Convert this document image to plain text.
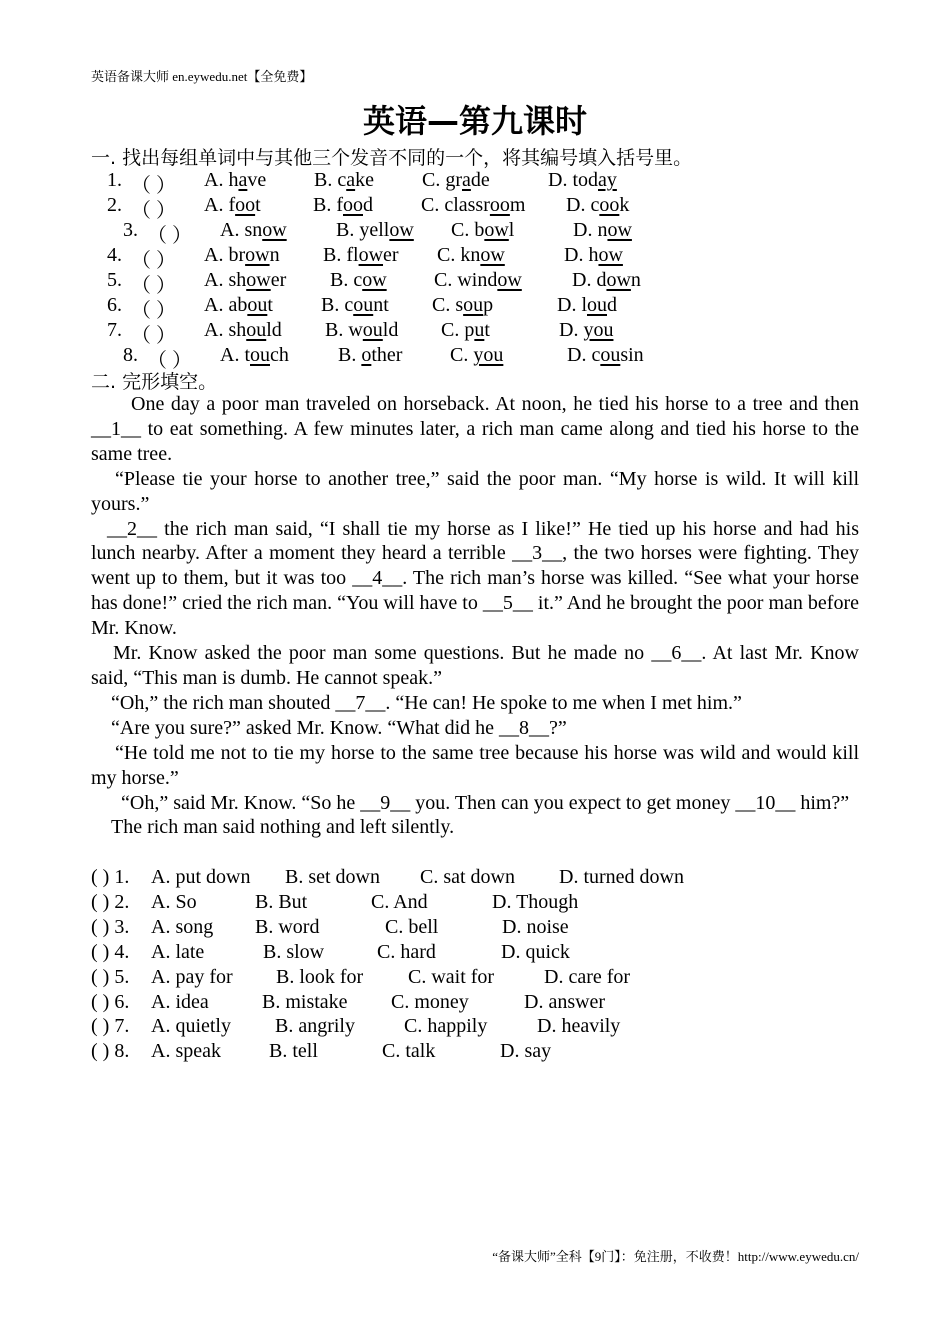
英语备课大师 en.eywedu.net【全免费】
英语—第九课时
一. 找出每组单词中与其他三个发音不同的一个，将其编号填入括号里。
1. （ ） A. have B. cake C. grade	D. today
2. （ ） A. foot	B. food C. classroom D. cook
3. （ ） A. snow B. yellow C. bowl	D. now
4. （ ） A. brown B. flower C. know	D. how
5. （ ） A. shower B. cow C. window	D. down
6. （ ） A. about B. count C. soup	D. loud
7. （ ） A. should B. would C. put	D. you
8. （ ） A. touch B. other C. you	D. cousin
二. 完形填空。

One day a poor man traveled on horseback. At noon, he tied his horse to a tree and then __1__ to eat something. A few minutes later, a rich man came along and tied his horse to the same tree.

“Please tie your horse to another tree,” said the poor man. “My horse is wild. It will kill yours.”

__2__ the rich man said, “I shall tie my horse as I like!” He tied up his horse and had his lunch nearby. After a moment they heard a terrible __3__, the two horses were fighting. They went up to them, but it was too __4__. The rich man’s horse was killed. “See what your horse has done!” cried the rich man. “You will have to __5__ it.” And he brought the poor man before Mr. Know.

Mr. Know asked the poor man some questions. But he made no __6__. At last Mr. Know said, “This man is dumb. He cannot speak.”

“Oh,” the rich man shouted __7__. “He can! He spoke to me when I met him.”

“Are you sure?” asked Mr. Know. “What did he __8__?”

“He told me not to tie my horse to the same tree because his horse was wild and would kill my horse.”

“Oh,” said Mr. Know. “So he __9__ you. Then can you expect to get money __10__ him?”

The rich man said nothing and left silently.

( ) 1. A. put down B. set down C. sat down D. turned down
( ) 2. A. So	B. But	C. And	D. Though
( ) 3. A. song B. word	C. bell	D. noise
( ) 4. A. late	B. slow	C. hard	D. quick
( ) 5. A. pay for B. look for C. wait for D. care for
( ) 6. A. idea	B. mistake C. money	D. answer
( ) 7. A. quietly B. angrily C. happily D. heavily
( ) 8. A. speak B. tell	C. talk	D. say
“备课大师”全科【9门】：免注册，不收费！http://www.eywedu.cn/
